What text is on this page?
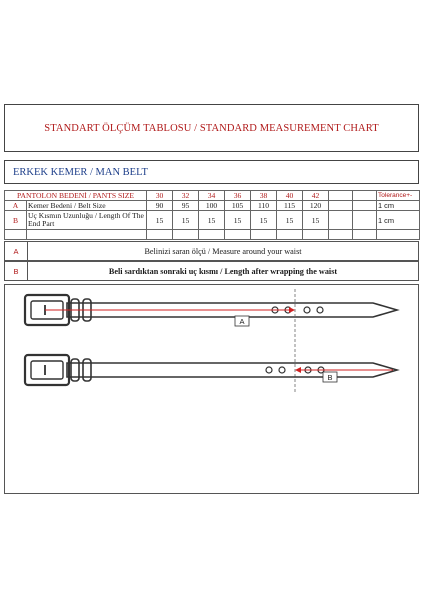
STANDART ÖLÇÜM TABLOSU / STANDARD MEASUREMENT CHART
ERKEK KEMER / MAN BELT
PANTOLON BEDENİ / PANTS SIZE		30	32	34	36	38	40	42			Tolerance+-
A	Kemer Bedeni / Belt Size	90	95	100	105	110	115	120			1 cm
B	Uç Kısmın Uzunluğu / Length Of The End Part	15	15	15	15	15	15	15			1 cm

A	Belinizi saran ölçü / Measure around your waist
B	Beli sardıktan sonraki uç kısmı / Length after wrapping the waist
A
B
